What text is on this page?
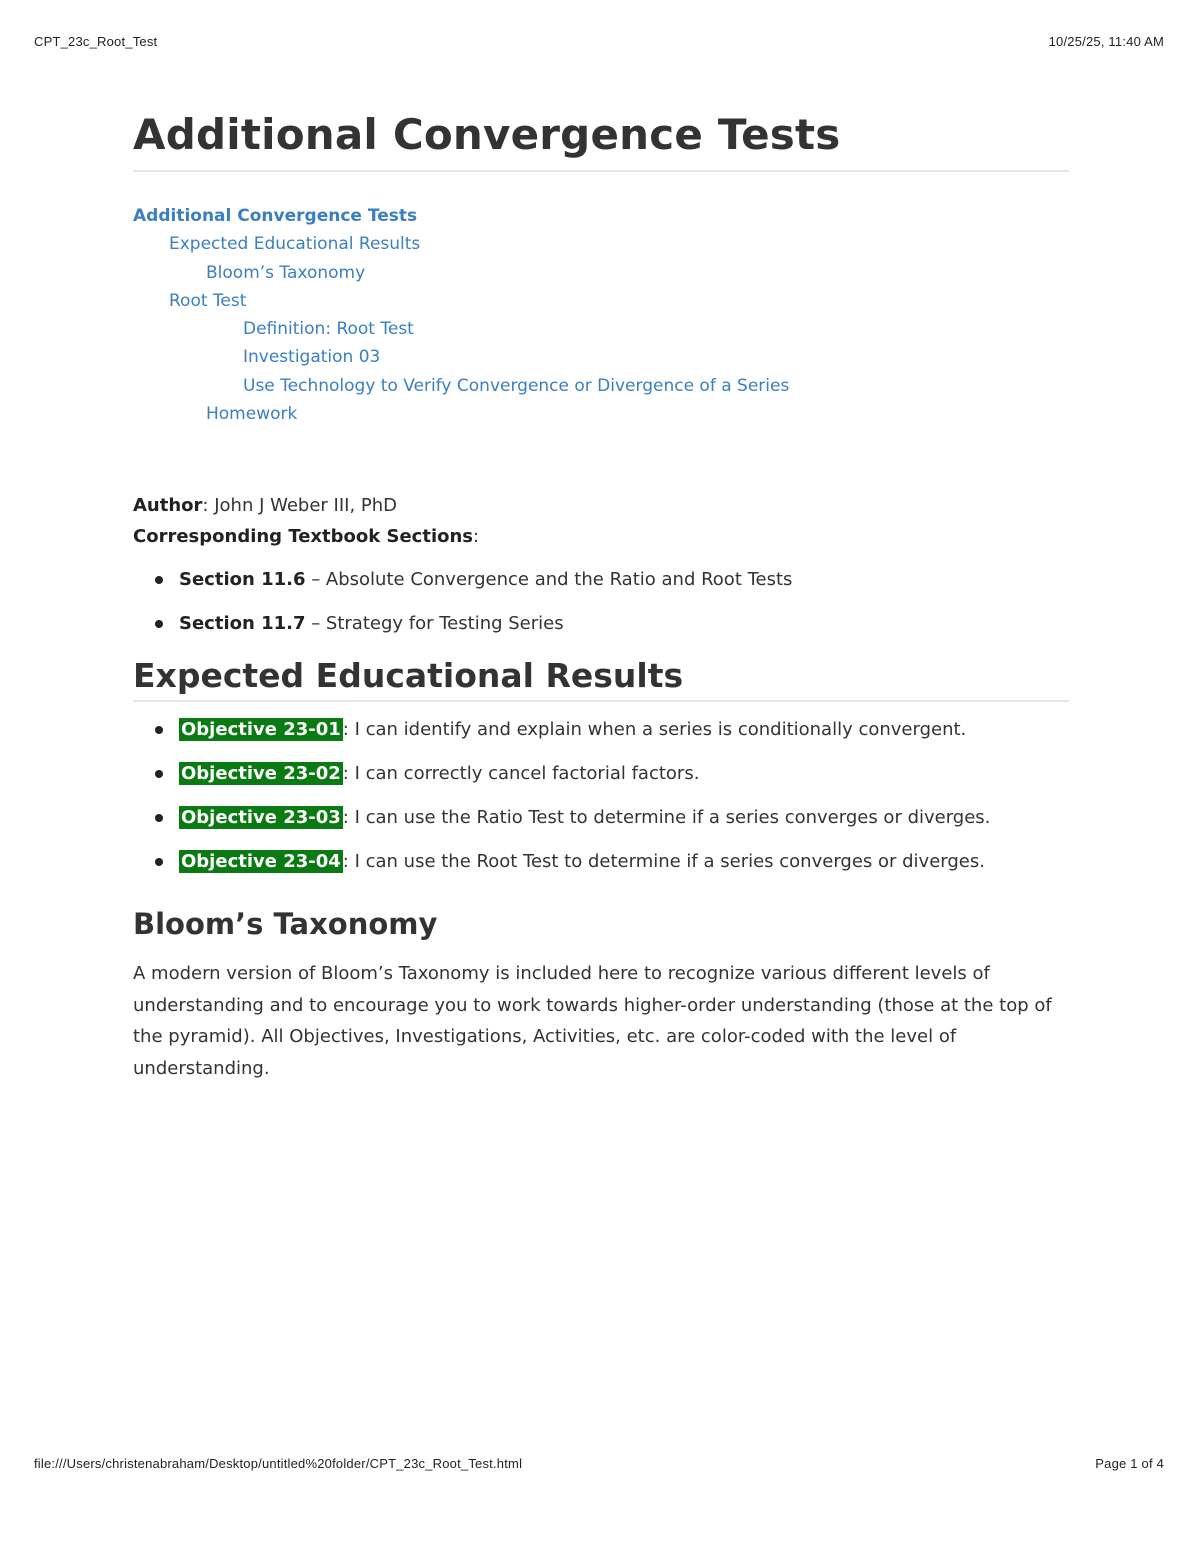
CPT_23c_Root_Test	10/25/25, 11:40 AM
Additional Convergence Tests
Additional Convergence Tests
Expected Educational Results
Bloom’s Taxonomy
Root Test
Definition: Root Test
Investigation 03
Use Technology to Verify Convergence or Divergence of a Series
Homework
Author: John J Weber III, PhD
Corresponding Textbook Sections:
Section 11.6 – Absolute Convergence and the Ratio and Root Tests
Section 11.7 – Strategy for Testing Series
Expected Educational Results
Objective 23-01 : I can identify and explain when a series is conditionally convergent.
Objective 23-02 : I can correctly cancel factorial factors.
Objective 23-03 : I can use the Ratio Test to determine if a series converges or diverges.
Objective 23-04 : I can use the Root Test to determine if a series converges or diverges.
Bloom’s Taxonomy

A modern version of Bloom’s Taxonomy is included here to recognize various different levels of understanding and to encourage you to work towards higher-order understanding (those at the top of the pyramid). All Objectives, Investigations, Activities, etc. are color-coded with the level of understanding.

file:///Users/christenabraham/Desktop/untitled%20folder/CPT_23c_Root_Test.html	Page 1 of 4
